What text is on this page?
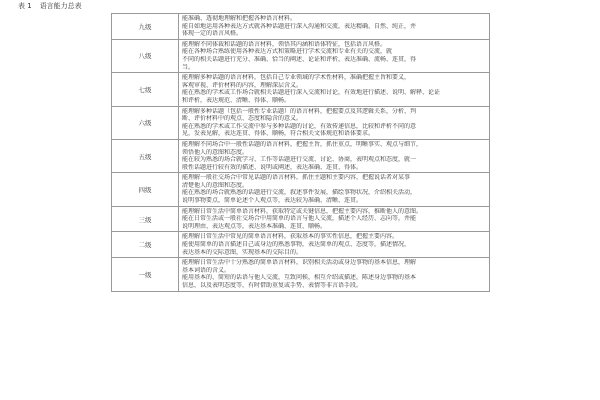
表 1 语言能力总表
九级	能准确、透彻地理解和把握各种语言材料。
能自如地运用各种表达方式就各种话题进行深入沟通和交流，表达精确、自然、纯正，并
体现一定的语言风格。

八级	能理解不同体裁和话题的语言材料，领悟其内涵和语体特征，包括语言风格。
能在各种场合熟练使用各种表达方式和策略进行学术交流和专业有关的交流，就
不同的相关话题进行充分、准确、恰当的阐述、论证和评析，表达准确、流畅、连贯，得
当。

七级	能理解多种话题的语言材料，包括自己专业领域的学术性材料，准确把握主旨和要义，
客观审视、评价材料的内容，理解深层含义。
能在熟悉的学术或工作场合就相关话题进行深入交流和讨论，有效地进行描述、说明、解释、论证
和评析，表达规范、清晰、得体、顺畅。

六级	能理解多种话题（包括一般性专业话题）的语言材料，把握要点及其逻辑关系，分析、判
断、评价材料中的观点、态度和隐含的意义。
能在熟悉的学术或工作交流中参与多种话题的讨论，有效传递信息，比较和评析不同的意
见，发表见解，表达连贯、得体、顺畅，符合相关文体规范和语体要求。

五级	能理解不同场合中一般性话题的语言材料，把握主旨，抓住重点，明晰事实、观点与细节，
领悟他人的意图和态度。
能在较为熟悉的场合就学习、工作等话题进行交流、讨论、协商，表明观点和态度，就一
般性话题进行较有效的描述、说明或阐述，表达准确、连贯、得体。

四级	能理解一般社交场合中常见话题的语言材料，抓住主题和主要内容，把握说话者对某事
清楚他人的意图和态度。
能在熟悉的场合就熟悉的话题进行交流，叙述事件发展，描绘事物状况，介绍相关活动，
说明事物要点，简单论述个人观点等，表达较为准确、清晰、连贯。

三级	能理解日常生活中简单语言材料，获取特定或关键信息，把握主要内容，推断他人的意图。
能在日常生活或一般社交场合中用简单的语言与他人交流，描述个人经历、志向等，并能
说明理由、表达观点等，表达基本准确、连贯、顺畅。

二级	能理解日常生活中常见的简单语言材料，获取基本的事实性信息，把握主要内容。
能使用简单的语言描述自己或身边的熟悉事物，表达简单的观点、态度等，描述情况，
表达基本的交际意图，实现基本的交际目的。

一级	能理解日常生活中十分熟悉的简单语言材料，识别相关活动或身边事物的基本信息，理解
基本词语的含义。
能用基本的、简短的话语与他人交流，互致问候，相互介绍或描述，陈述身边事物的基本
信息，以及表明态度等，有时借助重复或手势、表情等非言语手段。
